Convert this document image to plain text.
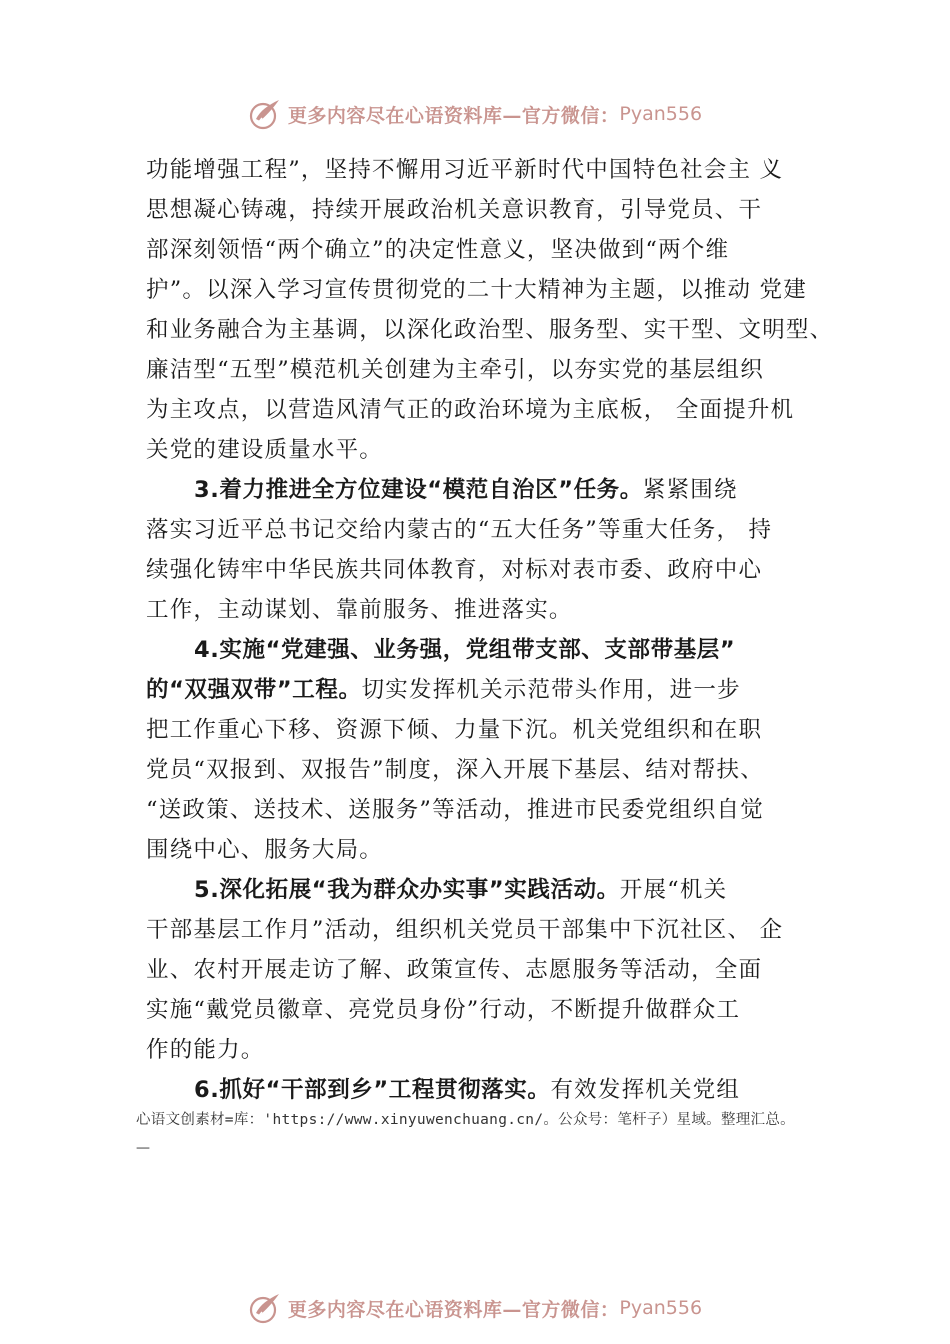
更多内容尽在心语资料库—官方微信： Pyan556
功能增强工程”，坚持不懈用习近平新时代中国特色社会主 义
思想凝心铸魂，持续开展政治机关意识教育，引导党员、干
部深刻领悟“两个确立”的决定性意义，坚决做到“两个维
护”。以深入学习宣传贯彻党的二十大精神为主题，以推动 党建
和业务融合为主基调，以深化政治型、服务型、实干型、文明型、
廉洁型“五型”模范机关创建为主牵引，以夯实党的基层组织
为主攻点，以营造风清气正的政治环境为主底板， 全面提升机
关党的建设质量水平。
3.着力推进全方位建设“模范自治区”任务。紧紧围绕
落实习近平总书记交给内蒙古的“五大任务”等重大任务， 持
续强化铸牢中华民族共同体教育，对标对表市委、政府中心
工作，主动谋划、靠前服务、推进落实。
4.实施“党建强、业务强，党组带支部、支部带基层”
的“双强双带”工程。切实发挥机关示范带头作用，进一步
把工作重心下移、资源下倾、力量下沉。机关党组织和在职
党员“双报到、双报告”制度，深入开展下基层、结对帮扶、
“送政策、送技术、送服务”等活动，推进市民委党组织自觉
围绕中心、服务大局。
5.深化拓展“我为群众办实事”实践活动。开展“机关
干部基层工作月”活动，组织机关党员干部集中下沉社区、 企
业、农村开展走访了解、政策宣传、志愿服务等活动，全面
实施“戴党员徽章、亮党员身份”行动，不断提升做群众工
作的能力。
6.抓好“干部到乡”工程贯彻落实。有效发挥机关党组
心语文创素材=库：'https://www.xinyuwenchuang.cn/。公众号：笔杆子）星域。整理汇总。
—
更多内容尽在心语资料库—官方微信： Pyan556
